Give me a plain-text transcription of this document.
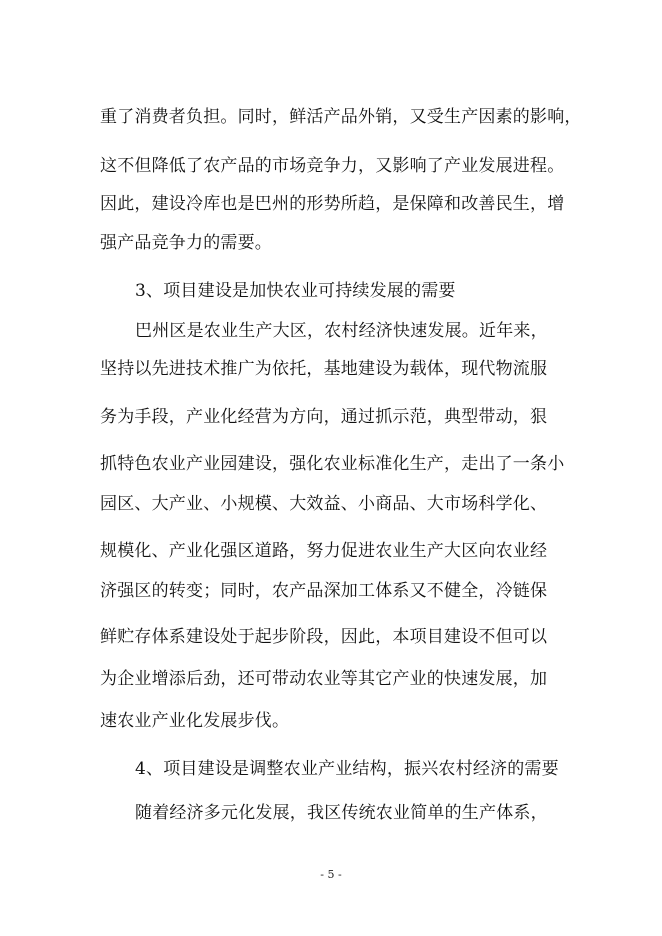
重了消费者负担。同时，鲜活产品外销，又受生产因素的影响，
这不但降低了农产品的市场竞争力，又影响了产业发展进程。
因此，建设冷库也是巴州的形势所趋，是保障和改善民生，增
强产品竞争力的需要。
3、项目建设是加快农业可持续发展的需要
巴州区是农业生产大区，农村经济快速发展。近年来，
坚持以先进技术推广为依托，基地建设为载体，现代物流服
务为手段，产业化经营为方向，通过抓示范，典型带动，狠
抓特色农业产业园建设，强化农业标准化生产，走出了一条小
园区、大产业、小规模、大效益、小商品、大市场科学化、
规模化、产业化强区道路，努力促进农业生产大区向农业经
济强区的转变；同时，农产品深加工体系又不健全，冷链保
鲜贮存体系建设处于起步阶段，因此，本项目建设不但可以
为企业增添后劲，还可带动农业等其它产业的快速发展，加
速农业产业化发展步伐。
4、项目建设是调整农业产业结构，振兴农村经济的需要
随着经济多元化发展，我区传统农业简单的生产体系，
- 5 -
